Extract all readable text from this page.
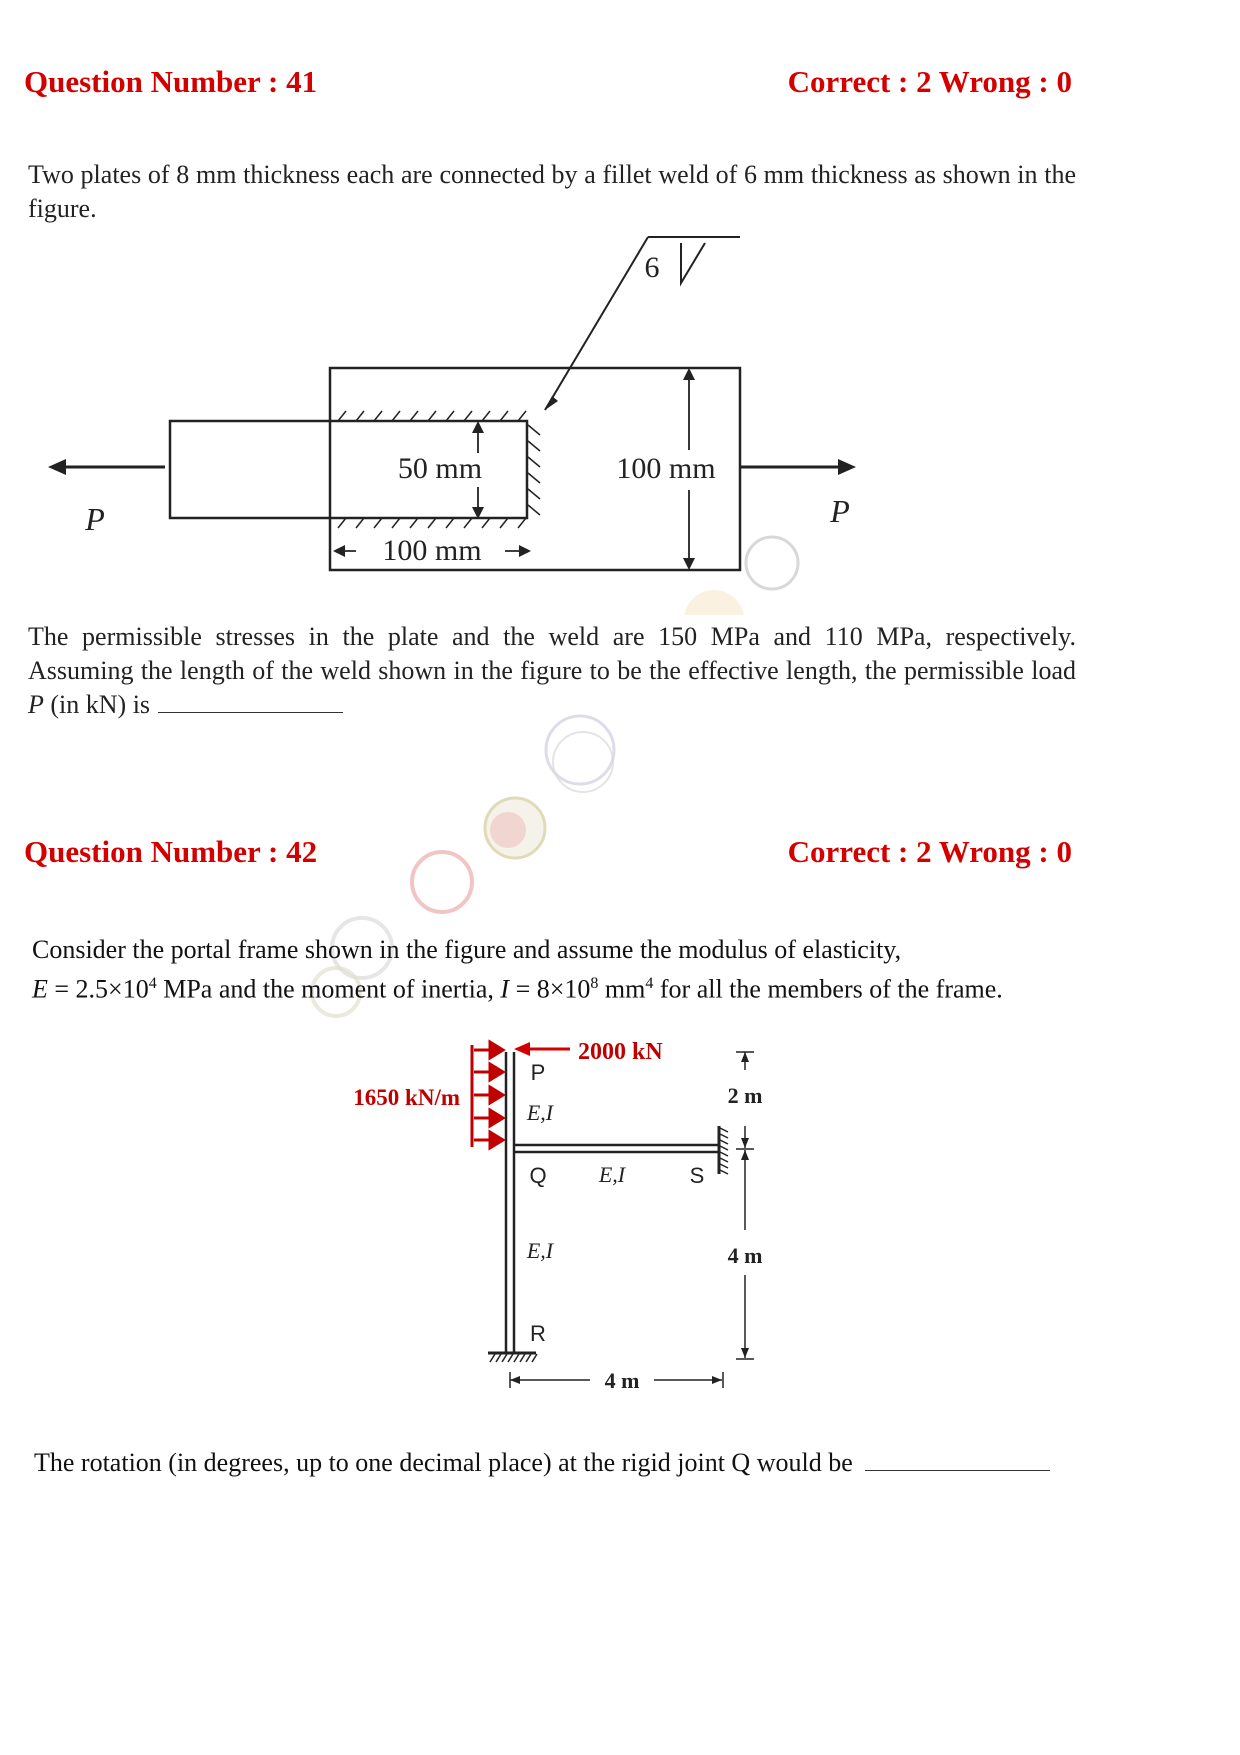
Question Number : 41	Correct : 2 Wrong : 0
Two plates of 8 mm thickness each are connected by a fillet weld of 6 mm thickness as shown in the figure.
6
50 mm	100 mm
100 mm
P	P
The permissible stresses in the plate and the weld are 150 MPa and 110 MPa, respectively. Assuming the length of the weld shown in the figure to be the effective length, the permissible load P (in kN) is
Question Number : 42	Correct : 2 Wrong : 0
Consider the portal frame shown in the figure and assume the modulus of elasticity,
$E = 2.5\times 10^4$ MPa and the moment of inertia, $I = 8\times 10^8$ $mm^4$ for all the members of the frame.
2000 kN
1650 kN/m
P
Q
R
S
E,I
E,I
E,I
2 m
4 m
4 m
The rotation (in degrees, up to one decimal place) at the rigid joint Q would be
